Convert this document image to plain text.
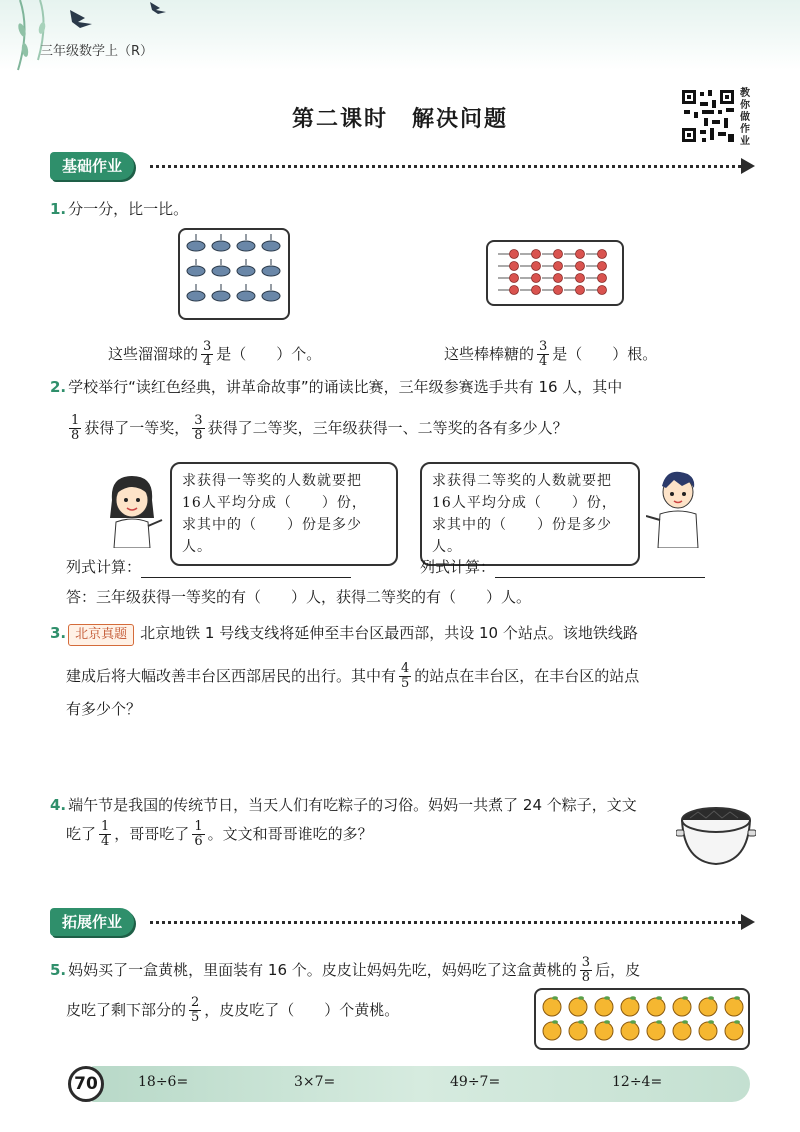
三年级数学上（R）
第二课时　解决问题
教你做作业
基础作业
1. 分一分，比一比。
这些溜溜球的 $\frac{3}{4}$ 是（　　）个。	这些棒棒糖的 $\frac{3}{4}$ 是（　　）根。
2. 学校举行“读红色经典，讲革命故事”的诵读比赛，三年级参赛选手共有 16 人，其中
$\frac{1}{8}$ 获得了一等奖， $\frac{3}{8}$ 获得了二等奖，三年级获得一、二等奖的各有多少人？
求获得一等奖的人数就要把
16人平均分成（　　）份，
求其中的（　　）份是多少人。
求获得二等奖的人数就要把
16人平均分成（　　）份，
求其中的（　　）份是多少人。
列式计算：	列式计算：
答：三年级获得一等奖的有（　　）人，获得二等奖的有（　　）人。
3. 北京真题 北京地铁 1 号线支线将延伸至丰台区最西部，共设 10 个站点。该地铁线路
建成后将大幅改善丰台区西部居民的出行。其中有 $\frac{4}{5}$ 的站点在丰台区，在丰台区的站点
有多少个？
4. 端午节是我国的传统节日，当天人们有吃粽子的习俗。妈妈一共煮了 24 个粽子，文文
吃了 $\frac{1}{4}$ ，哥哥吃了 $\frac{1}{6}$ 。文文和哥哥谁吃的多？
拓展作业
5. 妈妈买了一盒黄桃，里面装有 16 个。皮皮让妈妈先吃，妈妈吃了这盒黄桃的 $\frac{3}{8}$ 后，皮
皮吃了剩下部分的 $\frac{2}{5}$ ，皮皮吃了（　　）个黄桃。
70	18÷6=	3×7=	49÷7=	12÷4=
